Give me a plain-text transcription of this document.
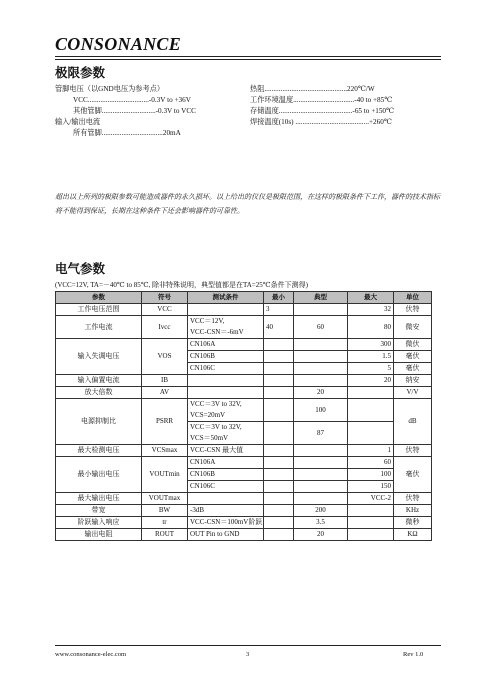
CONSONANCE
极限参数
管脚电压（以GND电压为参考点）
VCC..................................-0.3V to +36V
其他管脚..............................-0.3V to VCC
输入/输出电流
所有管脚..................................20mA
热阻..............................................220℃/W
工作环境温度..................................-40 to +85℃
存储温度.........................................-65 to +150℃
焊接温度(10s) .........................................+260℃
超出以上所列的极限参数可能造成器件的永久损坏。以上给出的仅仅是极限范围，在这样的极限条件下工作，器件的技术指标将不能得到保证，长期在这种条件下还会影响器件的可靠性。
电气参数
(VCC=12V, TA=－40℃ to 85℃, 除非特殊说明，典型值都是在TA=25℃条件下测得)
参数	符号	测试条件	最小	典型	最大	单位
工作电压范围	VCC		3		32	伏特
工作电流	Ivcc	VCC＝12V,
VCC-CSN＝-6mV	40	60	80	微安
输入失调电压	VOS	CN106A			300	微伏
		CN106B			1.5	毫伏
		CN106C			5	毫伏
输入偏置电流	IB				20	纳安
放大倍数	AV			20		V/V
电源抑制比	PSRR	VCC＝3V to 32V,
VCS=20mV		100		dB

		VCC＝3V to 32V,
VCS＝50mV		87		
最大检测电压	VCSmax	VCC-CSN 最大值			1	伏特
最小输出电压	VOUTmin	CN106A			60	毫伏
		CN106B			100	
		CN106C			150	
最大输出电压	VOUTmax				VCC-2	伏特
带宽	BW	-3dB		200		KHz
阶跃输入响应	tr	VCC-CSN＝100mV阶跃		3.5		微秒
输出电阻	ROUT	OUT Pin to GND		20		KΩ
www.consonance-elec.com	3	Rev 1.0
